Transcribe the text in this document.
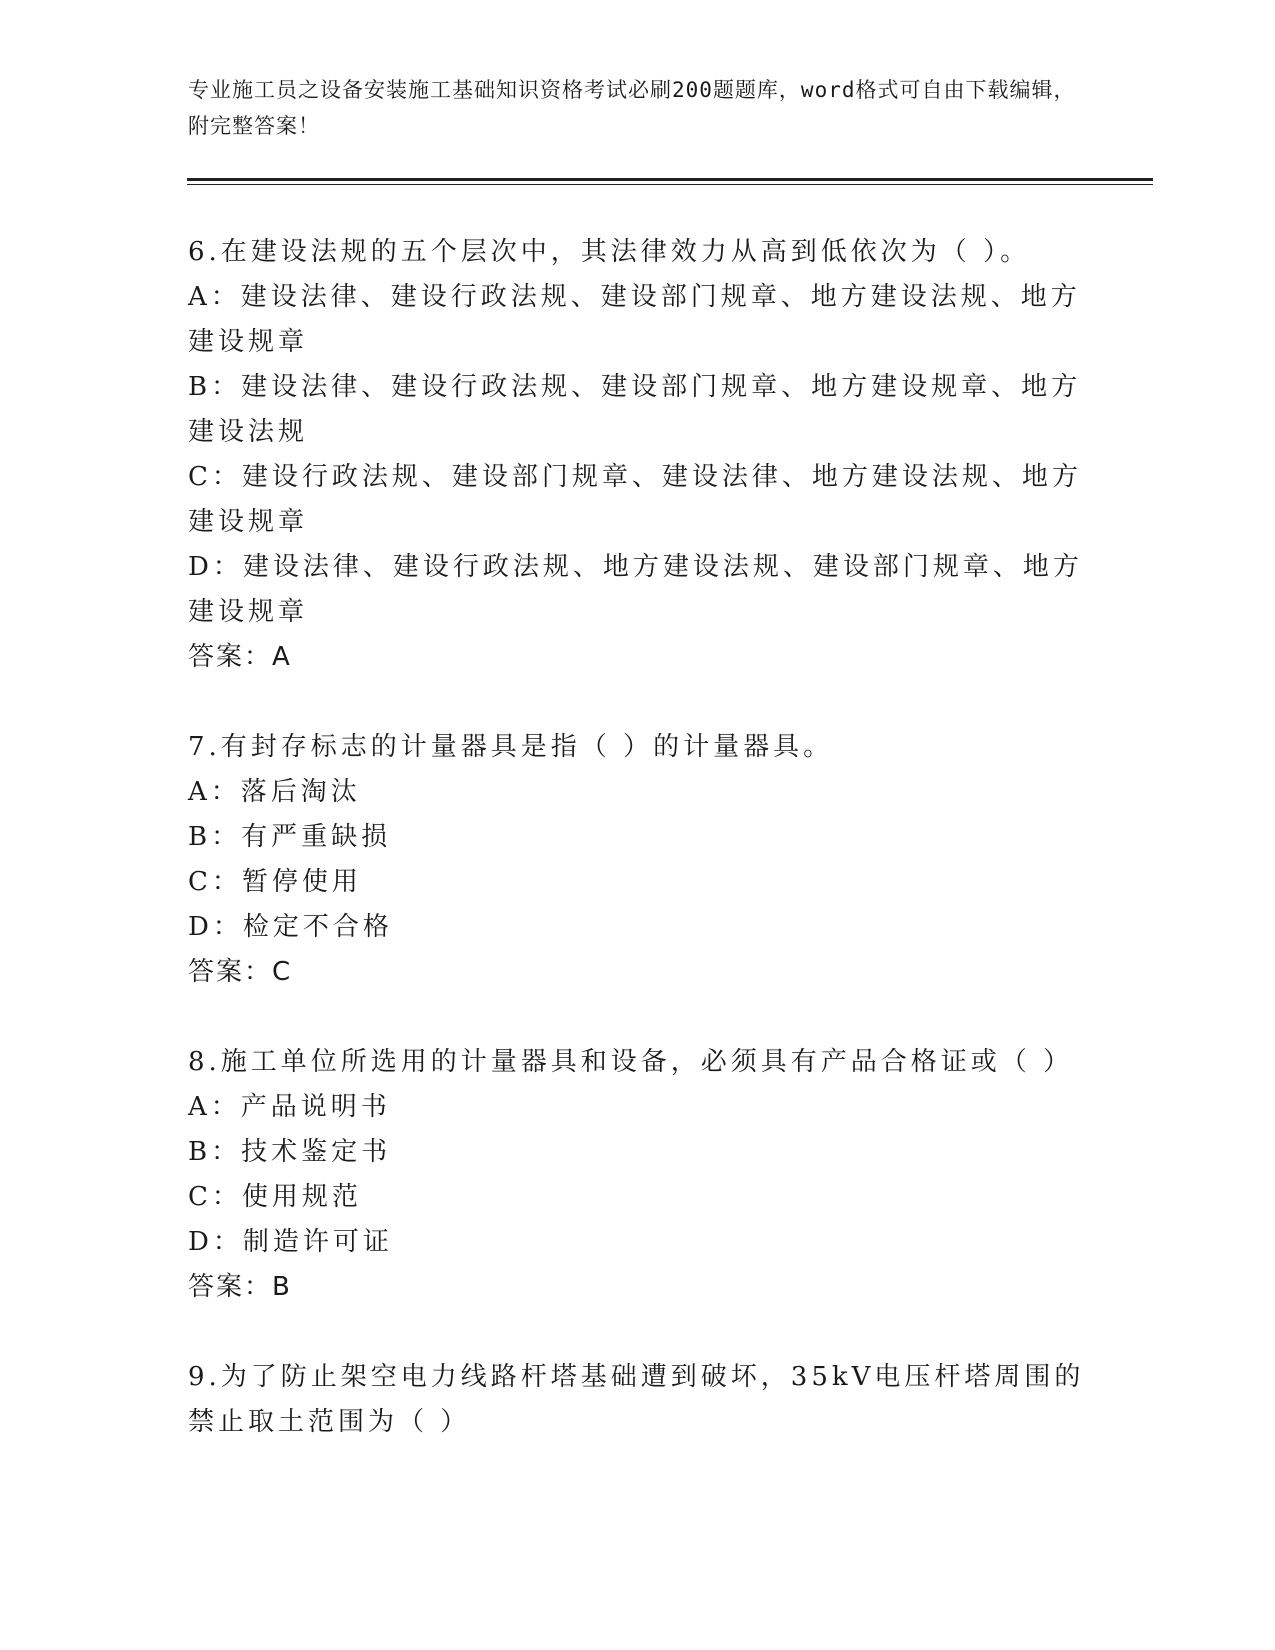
专业施工员之设备安装施工基础知识资格考试必刷200题题库，word格式可自由下载编辑，附完整答案！

6.在建设法规的五个层次中，其法律效力从高到低依次为（ ）。

A：建设法律、建设行政法规、建设部门规章、地方建设法规、地方建设规章

B：建设法律、建设行政法规、建设部门规章、地方建设规章、地方建设法规

C：建设行政法规、建设部门规章、建设法律、地方建设法规、地方建设规章

D：建设法律、建设行政法规、地方建设法规、建设部门规章、地方建设规章

答案：A

7.有封存标志的计量器具是指（ ）的计量器具。

A：落后淘汰

B：有严重缺损

C：暂停使用

D：检定不合格

答案：C

8.施工单位所选用的计量器具和设备，必须具有产品合格证或（ ）

A：产品说明书

B：技术鉴定书

C：使用规范

D：制造许可证

答案：B

9.为了防止架空电力线路杆塔基础遭到破坏，35kV电压杆塔周围的禁止取土范围为（ ）
